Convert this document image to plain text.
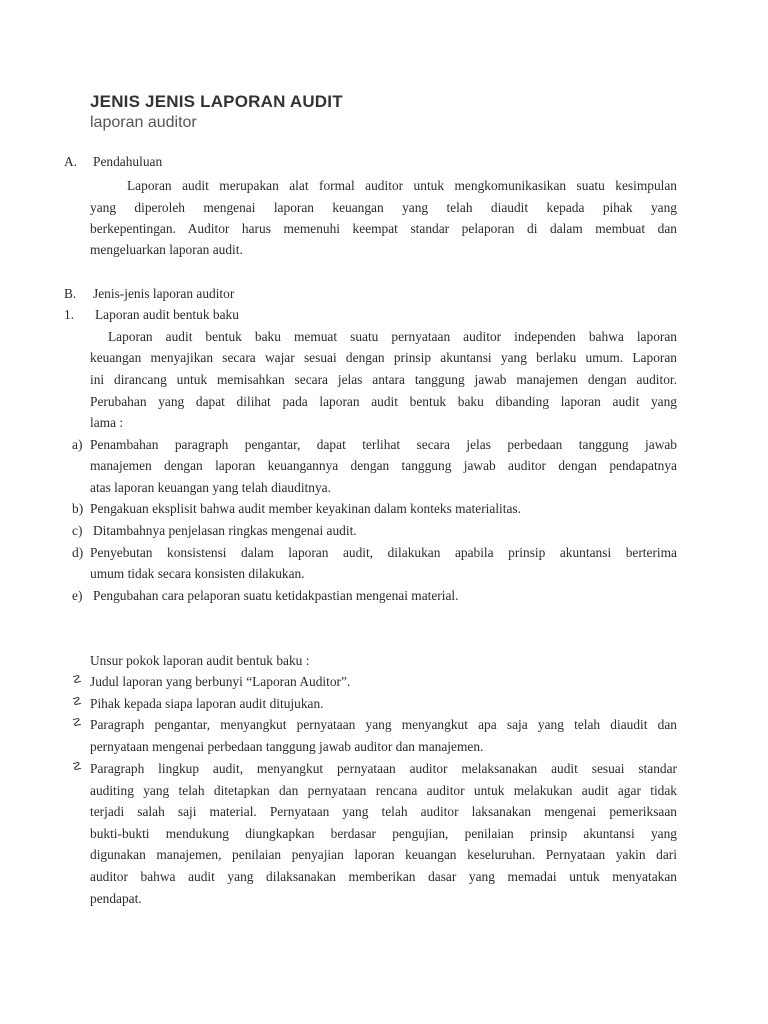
JENIS JENIS LAPORAN AUDIT
laporan auditor
A. Pendahuluan
Laporan audit merupakan alat formal auditor untuk mengkomunikasikan suatu kesimpulan
yang diperoleh mengenai laporan keuangan yang telah diaudit kepada pihak yang
berkepentingan. Auditor harus memenuhi keempat standar pelaporan di dalam membuat dan
mengeluarkan laporan audit.
B. Jenis-jenis laporan auditor
1. Laporan audit bentuk baku
Laporan audit bentuk baku memuat suatu pernyataan auditor independen bahwa laporan
keuangan menyajikan secara wajar sesuai dengan prinsip akuntansi yang berlaku umum. Laporan
ini dirancang untuk memisahkan secara jelas antara tanggung jawab manajemen dengan auditor.
Perubahan yang dapat dilihat pada laporan audit bentuk baku dibanding laporan audit yang
lama :
a) Penambahan paragraph pengantar, dapat terlihat secara jelas perbedaan tanggung jawab
manajemen dengan laporan keuangannya dengan tanggung jawab auditor dengan pendapatnya
atas laporan keuangan yang telah diauditnya.
b) Pengakuan eksplisit bahwa audit member keyakinan dalam konteks materialitas.
c) Ditambahnya penjelasan ringkas mengenai audit.
d) Penyebutan konsistensi dalam laporan audit, dilakukan apabila prinsip akuntansi berterima
umum tidak secara konsisten dilakukan.
e) Pengubahan cara pelaporan suatu ketidakpastian mengenai material.
Unsur pokok laporan audit bentuk baku :
☡ Judul laporan yang berbunyi “Laporan Auditor”.
☡ Pihak kepada siapa laporan audit ditujukan.
☡ Paragraph pengantar, menyangkut pernyataan yang menyangkut apa saja yang telah diaudit dan
pernyataan mengenai perbedaan tanggung jawab auditor dan manajemen.
☡ Paragraph lingkup audit, menyangkut pernyataan auditor melaksanakan audit sesuai standar
auditing yang telah ditetapkan dan pernyataan rencana auditor untuk melakukan audit agar tidak
terjadi salah saji material. Pernyataan yang telah auditor laksanakan mengenai pemeriksaan
bukti-bukti mendukung diungkapkan berdasar pengujian, penilaian prinsip akuntansi yang
digunakan manajemen, penilaian penyajian laporan keuangan keseluruhan. Pernyataan yakin dari
auditor bahwa audit yang dilaksanakan memberikan dasar yang memadai untuk menyatakan
pendapat.
